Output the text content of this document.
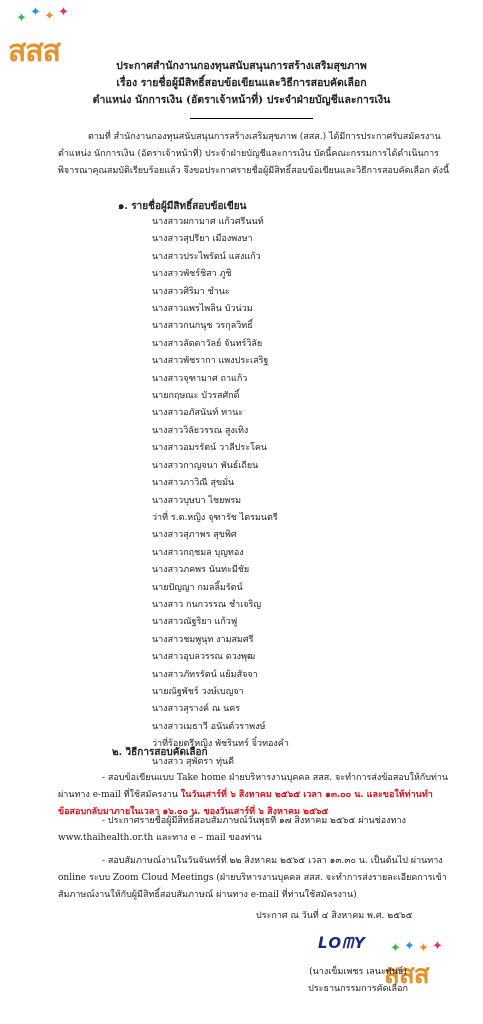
✦ ✦ ✦ ✦
สสส	ประกาศสำนักงานกองทุนสนับสนุนการสร้างเสริมสุขภาพ
เรื่อง รายชื่อผู้มีสิทธิ์สอบข้อเขียนและวิธีการสอบคัดเลือก
ตำแหน่ง นักการเงิน (อัตราเจ้าหน้าที่) ประจำฝ่ายบัญชีและการเงิน
ตามที่ สำนักงานกองทุนสนับสนุนการสร้างเสริมสุขภาพ (สสส.) ได้มีการประกาศรับสมัครงาน ตำแหน่ง นักการเงิน (อัตราเจ้าหน้าที่) ประจำฝ่ายบัญชีและการเงิน บัดนี้คณะกรรมการได้ดำเนินการพิจารณาคุณสมบัติเรียบร้อยแล้ว จึงขอประกาศรายชื่อผู้มีสิทธิ์สอบข้อเขียนและวิธีการสอบคัดเลือก ดังนี้
๑. รายชื่อผู้มีสิทธิ์สอบข้อเขียน
นางสาวผกามาศ แก้วศรีนนท์
นางสาวสุปรียา เมืองพงษา
นางสาวประไพรัตน์ แสงแก้ว
นางสาวพัชร์ชิสา ภูชิ
นางสาวศิริมา ชำนะ
นางสาวแพรไพลิน บัวน่วม
นางสาวกนกนุช วรกุลวิทธิ์
นางสาวลัดดาวัลย์ จันทร์วิลัย
นางสาวพัชรากา แพงประเสริฐ
นางสาวจุฑามาศ ถาแก้ว
นายกฤษณะ บัวรสศักดิ์
นางสาวอภัสนันท์ ทานะ
นางสาววิลัยวรรณ สูงเทิง
นางสาวอมรรัตน์ วาลีประโคน
นางสาวกาญจนา พันธ์เถียน
นางสาวภาวิณี สุขมั่น
นางสาวบุษบา ไชยพรม
ว่าที่ ร.ต.หญิง จุฑารัช ไตรมนตรี
นางสาวสุภาพร สุขพิศ
นางสาวกฤชมล บุญทอง
นางสาวภคพร นันทะมีชัย
นายปัญญา กมลลิ้มรัตน์
นางสาว กนกวรรณ ชำเจริญ
นางสาวณัฐริยา แก้วฟู
นางสาวชมพูนุท งามสมศรี
นางสาวอุบลวรรณ ดวงพุฒ
นางสาวภัทรรัตน์ แย้มสัจจา
นายณัฐพัชร์ วงษ์เบญจา
นางสาวสุรางค์ ณ นคร
นางสาวเมธาวี อนันต์วราพงษ์
ว่าที่ร้อยตรีหญิง พัชรินทร์ จิ๋วทองคำ
นางสาว สุพัตรา ทุ่นดี
๒. วิธีการสอบคัดเลือก
- สอบข้อเขียนแบบ Take home ฝ่ายบริหารงานบุคคล สสส. จะทำการส่งข้อสอบให้กับท่านผ่านทาง e-mail ที่ใช้สมัครงาน ในวันเสาร์ที่ ๖ สิงหาคม ๒๕๖๕ เวลา ๑๓.๐๐ น. และขอให้ท่านทำข้อสอบกลับมาภายในเวลา ๑๖.๐๐ น. ของวันเสาร์ที่ ๖ สิงหาคม ๒๕๖๕
- ประกาศรายชื่อผู้มีสิทธิ์สอบสัมภาษณ์วันพุธที่ ๑๗ สิงหาคม ๒๕๖๕ ผ่านช่องทาง www.thaihealth.or.th และทาง e – mail ของท่าน
- สอบสัมภาษณ์งานในวันจันทร์ที่ ๒๒ สิงหาคม ๒๕๖๕ เวลา ๑๓.๓๐ น. เป็นต้นไป ผ่านทาง online ระบบ Zoom Cloud Meetings (ฝ่ายบริหารงานบุคคล สสส. จะทำการส่งรายละเอียดการเข้าสัมภาษณ์งานให้กับผู้มีสิทธิ์สอบสัมภาษณ์ ผ่านทาง e-mail ที่ท่านใช้สมัครงาน)
ประกาศ ณ วันที่ ๔ สิงหาคม พ.ศ. ๒๕๖๕
ᒪOᗰY ✦ ✦ ✦ ✦
สสส
(นางเข็มเพชร เลนะพันธ์)
ประธานกรรมการคัดเลือก
